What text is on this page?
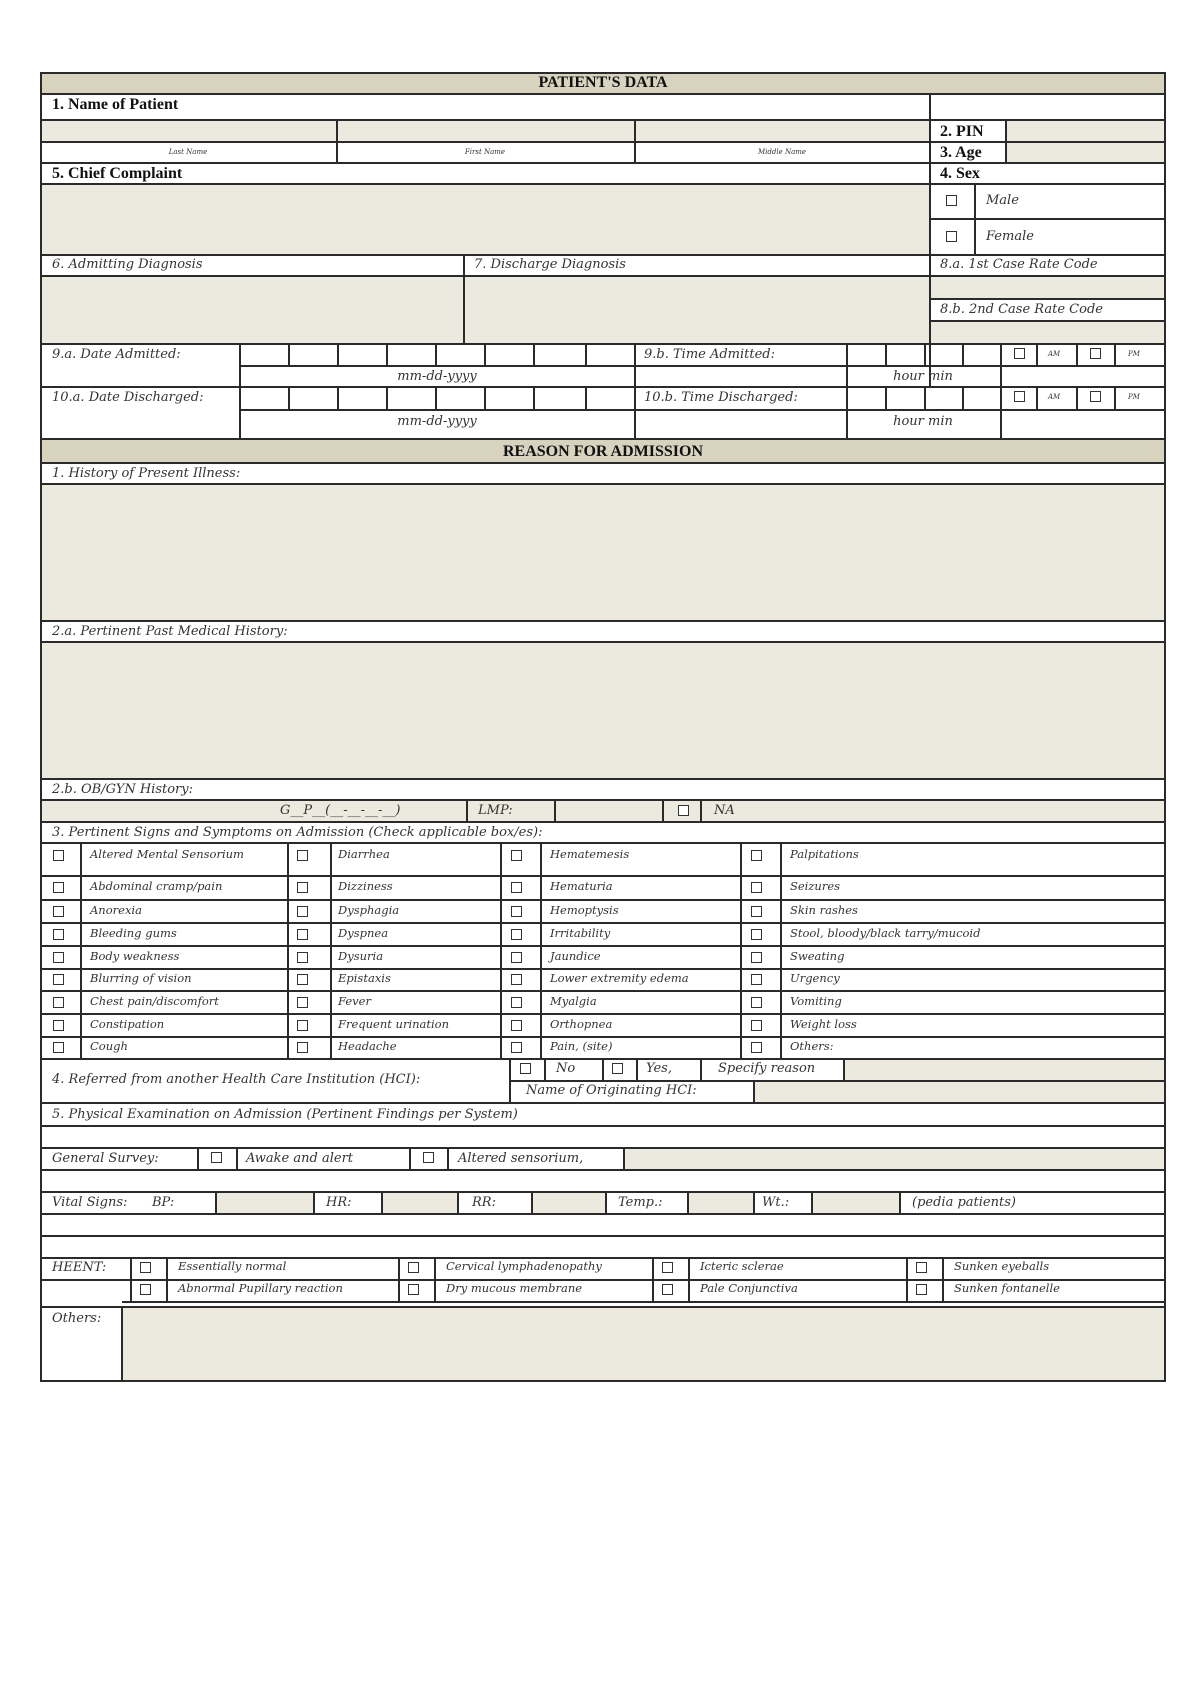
PATIENT'S DATA
1. Name of Patient
Last Name	First Name	Middle Name
2. PIN
3. Age
5. Chief Complaint	4. Sex
Male
Female
6. Admitting Diagnosis	7. Discharge Diagnosis	8.a. 1st Case Rate Code
8.b. 2nd Case Rate Code
9.a. Date Admitted:	9.b. Time Admitted:	AM	PM
mm-dd-yyyy	hour min
10.a. Date Discharged:	10.b. Time Discharged:	AM	PM
mm-dd-yyyy	hour min
REASON FOR ADMISSION
1. History of Present Illness:
2.a. Pertinent Past Medical History:
2.b. OB/GYN History:
G__P__(__-__-__-__)	LMP:	NA
3. Pertinent Signs and Symptoms on Admission (Check applicable box/es):
Altered Mental Sensorium	Diarrhea	Hematemesis	Palpitations
Abdominal cramp/pain	Dizziness	Hematuria	Seizures
Anorexia	Dysphagia	Hemoptysis	Skin rashes
Bleeding gums	Dyspnea	Irritability	Stool, bloody/black tarry/mucoid
Body weakness	Dysuria	Jaundice	Sweating
Blurring of vision	Epistaxis	Lower extremity edema	Urgency
Chest pain/discomfort	Fever	Myalgia	Vomiting
Constipation	Frequent urination	Orthopnea	Weight loss
Cough	Headache	Pain, (site)	Others:
4. Referred from another Health Care Institution (HCI):
No	Yes,	Specify reason
Name of Originating HCI:
5. Physical Examination on Admission (Pertinent Findings per System)
General Survey:	Awake and alert	Altered sensorium,
Vital Signs: BP:	HR:	RR:	Temp.:	Wt.:	(pedia patients)
HEENT:	Essentially normal	Cervical lymphadenopathy	Icteric sclerae	Sunken eyeballs
Abnormal Pupillary reaction	Dry mucous membrane	Pale Conjunctiva	Sunken fontanelle
Others:
